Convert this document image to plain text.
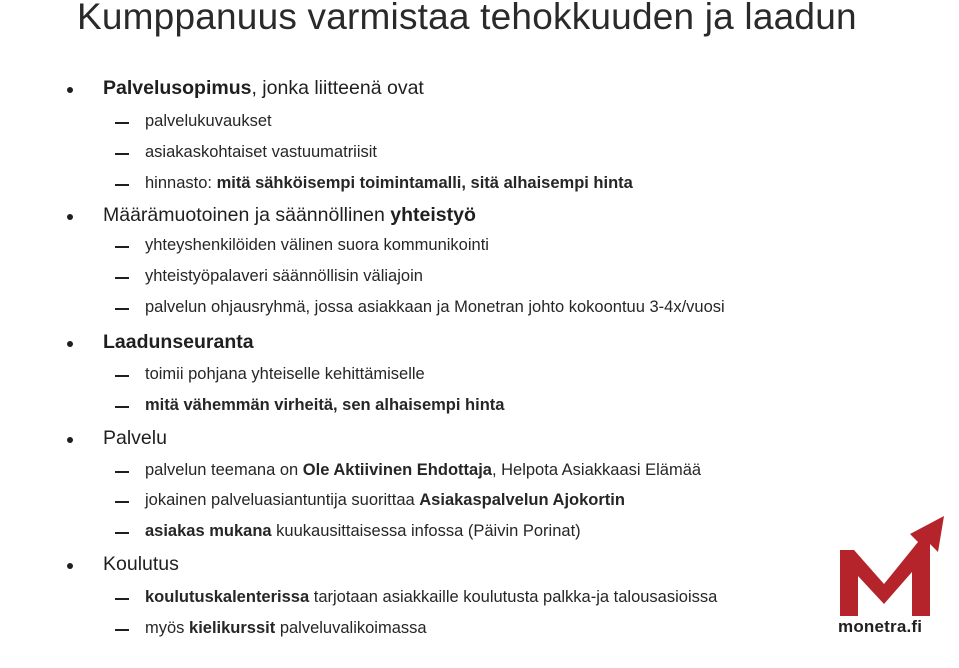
Kumppanuus varmistaa tehokkuuden ja laadun
Palvelusopimus, jonka liitteenä ovat
palvelukuvaukset
asiakaskohtaiset vastuumatriisit
hinnasto: mitä sähköisempi toimintamalli, sitä alhaisempi hinta
Määrämuotoinen ja säännöllinen yhteistyö
yhteyshenkilöiden välinen suora kommunikointi
yhteistyöpalaveri säännöllisin väliajoin
palvelun ohjausryhmä, jossa asiakkaan ja Monetran johto kokoontuu 3-4x/vuosi
Laadunseuranta
toimii pohjana yhteiselle kehittämiselle
mitä vähemmän virheitä, sen alhaisempi hinta
Palvelu
palvelun teemana on Ole Aktiivinen Ehdottaja, Helpota Asiakkaasi Elämää
jokainen palveluasiantuntija suorittaa Asiakaspalvelun Ajokortin
asiakas mukana kuukausittaisessa infossa (Päivin Porinat)
Koulutus
koulutuskalenterissa tarjotaan asiakkaille koulutusta palkka-ja talousasioissa
myös kielikurssit palveluvalikoimassa	monetra.fi
